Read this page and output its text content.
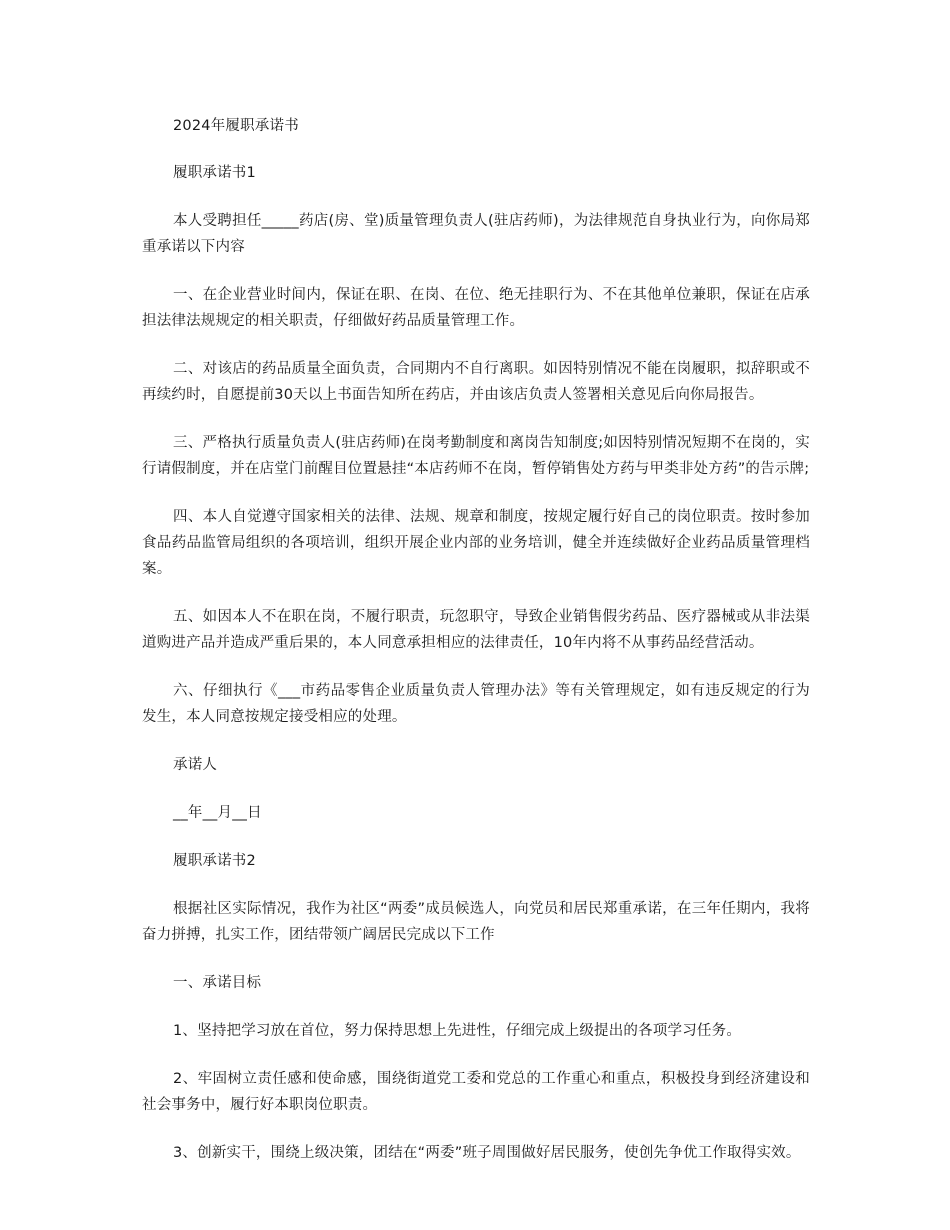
2024年履职承诺书

履职承诺书1

本人受聘担任_____药店(房、堂)质量管理负责人(驻店药师)，为法律规范自身执业行为，向你局郑重承诺以下内容

一、在企业营业时间内，保证在职、在岗、在位、绝无挂职行为、不在其他单位兼职，保证在店承担法律法规规定的相关职责，仔细做好药品质量管理工作。

二、对该店的药品质量全面负责，合同期内不自行离职。如因特别情况不能在岗履职，拟辞职或不再续约时，自愿提前30天以上书面告知所在药店，并由该店负责人签署相关意见后向你局报告。

三、严格执行质量负责人(驻店药师)在岗考勤制度和离岗告知制度;如因特别情况短期不在岗的，实行请假制度，并在店堂门前醒目位置悬挂“本店药师不在岗，暂停销售处方药与甲类非处方药”的告示牌;

四、本人自觉遵守国家相关的法律、法规、规章和制度，按规定履行好自己的岗位职责。按时参加食品药品监管局组织的各项培训，组织开展企业内部的业务培训，健全并连续做好企业药品质量管理档案。

五、如因本人不在职在岗，不履行职责，玩忽职守，导致企业销售假劣药品、医疗器械或从非法渠道购进产品并造成严重后果的，本人同意承担相应的法律责任，10年内将不从事药品经营活动。

六、仔细执行《___市药品零售企业质量负责人管理办法》等有关管理规定，如有违反规定的行为发生，本人同意按规定接受相应的处理。

承诺人

__年__月__日

履职承诺书2

根据社区实际情况，我作为社区“两委”成员候选人，向党员和居民郑重承诺，在三年任期内，我将奋力拼搏，扎实工作，团结带领广阔居民完成以下工作

一、承诺目标

1、坚持把学习放在首位，努力保持思想上先进性，仔细完成上级提出的各项学习任务。

2、牢固树立责任感和使命感，围绕街道党工委和党总的工作重心和重点，积极投身到经济建设和社会事务中，履行好本职岗位职责。

3、创新实干，围绕上级决策，团结在“两委”班子周围做好居民服务，使创先争优工作取得实效。
